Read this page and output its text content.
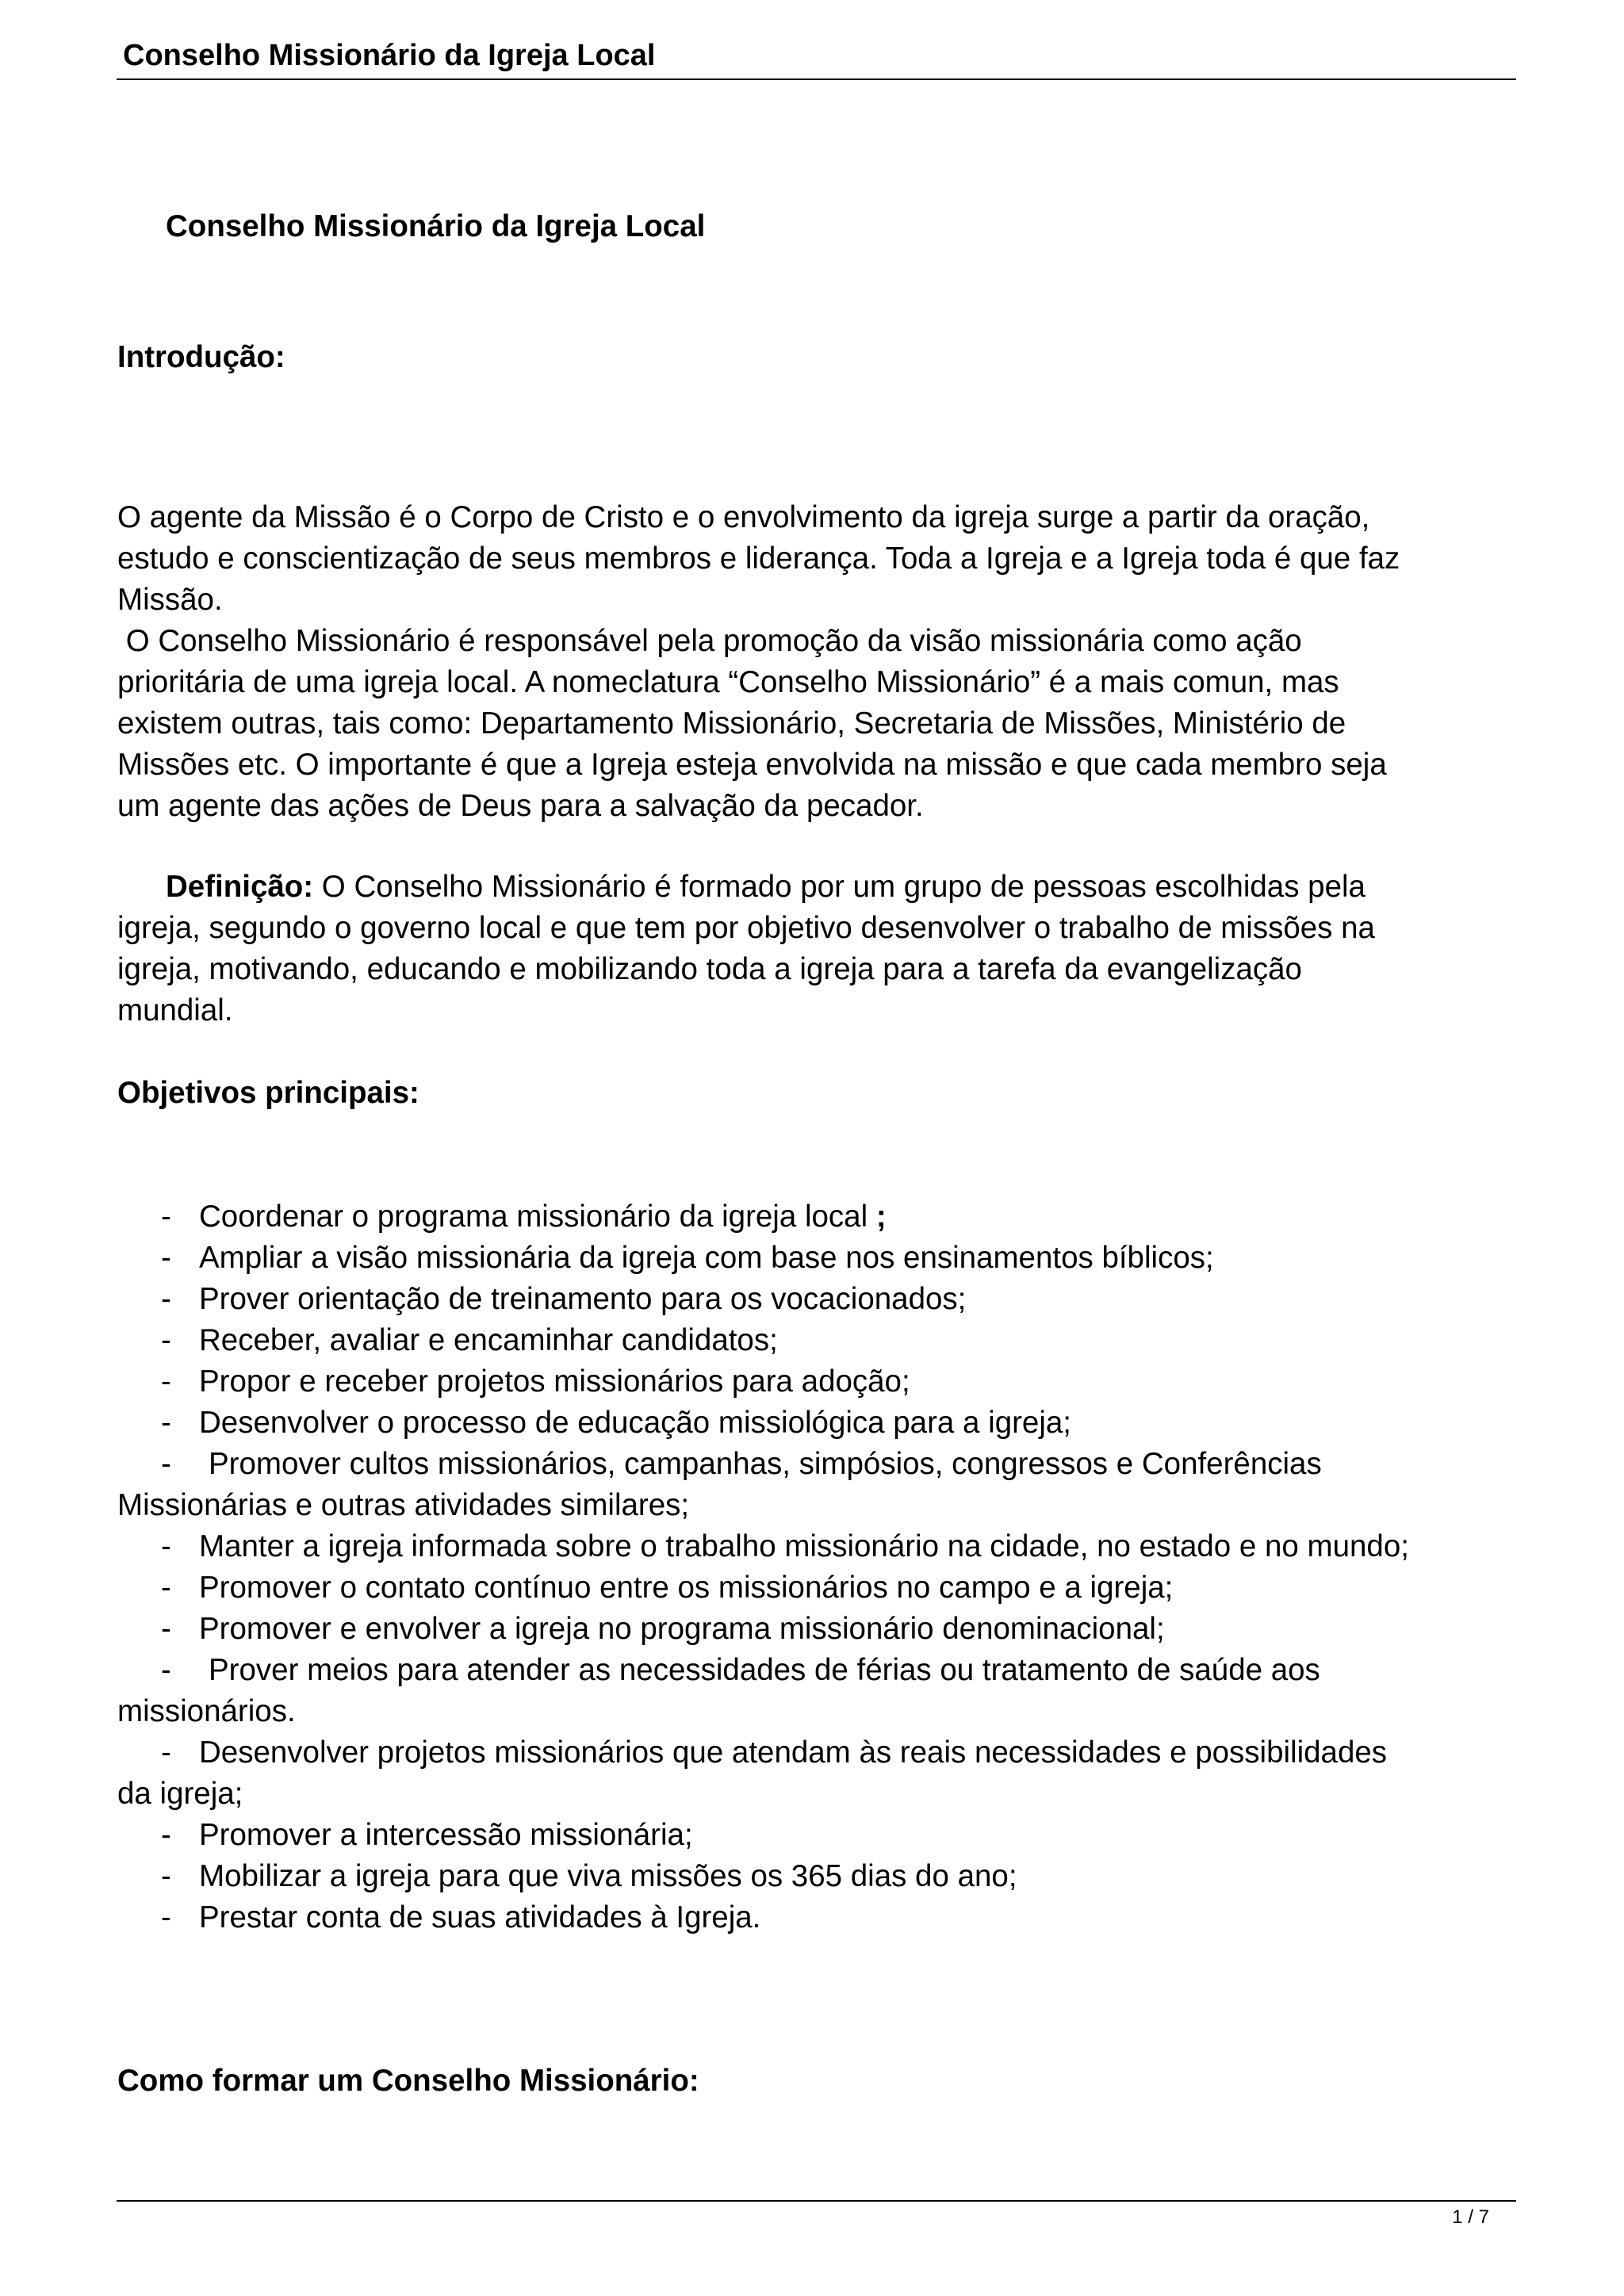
Conselho Missionário da Igreja Local
Conselho Missionário da Igreja Local
Introdução:
O agente da Missão é o Corpo de Cristo e o envolvimento da igreja surge a partir da oração,
estudo e conscientização de seus membros e liderança. Toda a Igreja e a Igreja toda é que faz
Missão.
O Conselho Missionário é responsável pela promoção da visão missionária como ação
prioritária de uma igreja local. A nomeclatura “Conselho Missionário” é a mais comun, mas
existem outras, tais como: Departamento Missionário, Secretaria de Missões, Ministério de
Missões etc. O importante é que a Igreja esteja envolvida na missão e que cada membro seja
um agente das ações de Deus para a salvação da pecador.
Definição: O Conselho Missionário é formado por um grupo de pessoas escolhidas pela
igreja, segundo o governo local e que tem por objetivo desenvolver o trabalho de missões na
igreja, motivando, educando e mobilizando toda a igreja para a tarefa da evangelização
mundial.
Objetivos principais:
- Coordenar o programa missionário da igreja local ;
- Ampliar a visão missionária da igreja com base nos ensinamentos bíblicos;
- Prover orientação de treinamento para os vocacionados;
- Receber, avaliar e encaminhar candidatos;
- Propor e receber projetos missionários para adoção;
- Desenvolver o processo de educação missiológica para a igreja;
- Promover cultos missionários, campanhas, simpósios, congressos e Conferências
Missionárias e outras atividades similares;
- Manter a igreja informada sobre o trabalho missionário na cidade, no estado e no mundo;
- Promover o contato contínuo entre os missionários no campo e a igreja;
- Promover e envolver a igreja no programa missionário denominacional;
- Prover meios para atender as necessidades de férias ou tratamento de saúde aos
missionários.
- Desenvolver projetos missionários que atendam às reais necessidades e possibilidades
da igreja;
- Promover a intercessão missionária;
- Mobilizar a igreja para que viva missões os 365 dias do ano;
- Prestar conta de suas atividades à Igreja.
Como formar um Conselho Missionário:
1 / 7
